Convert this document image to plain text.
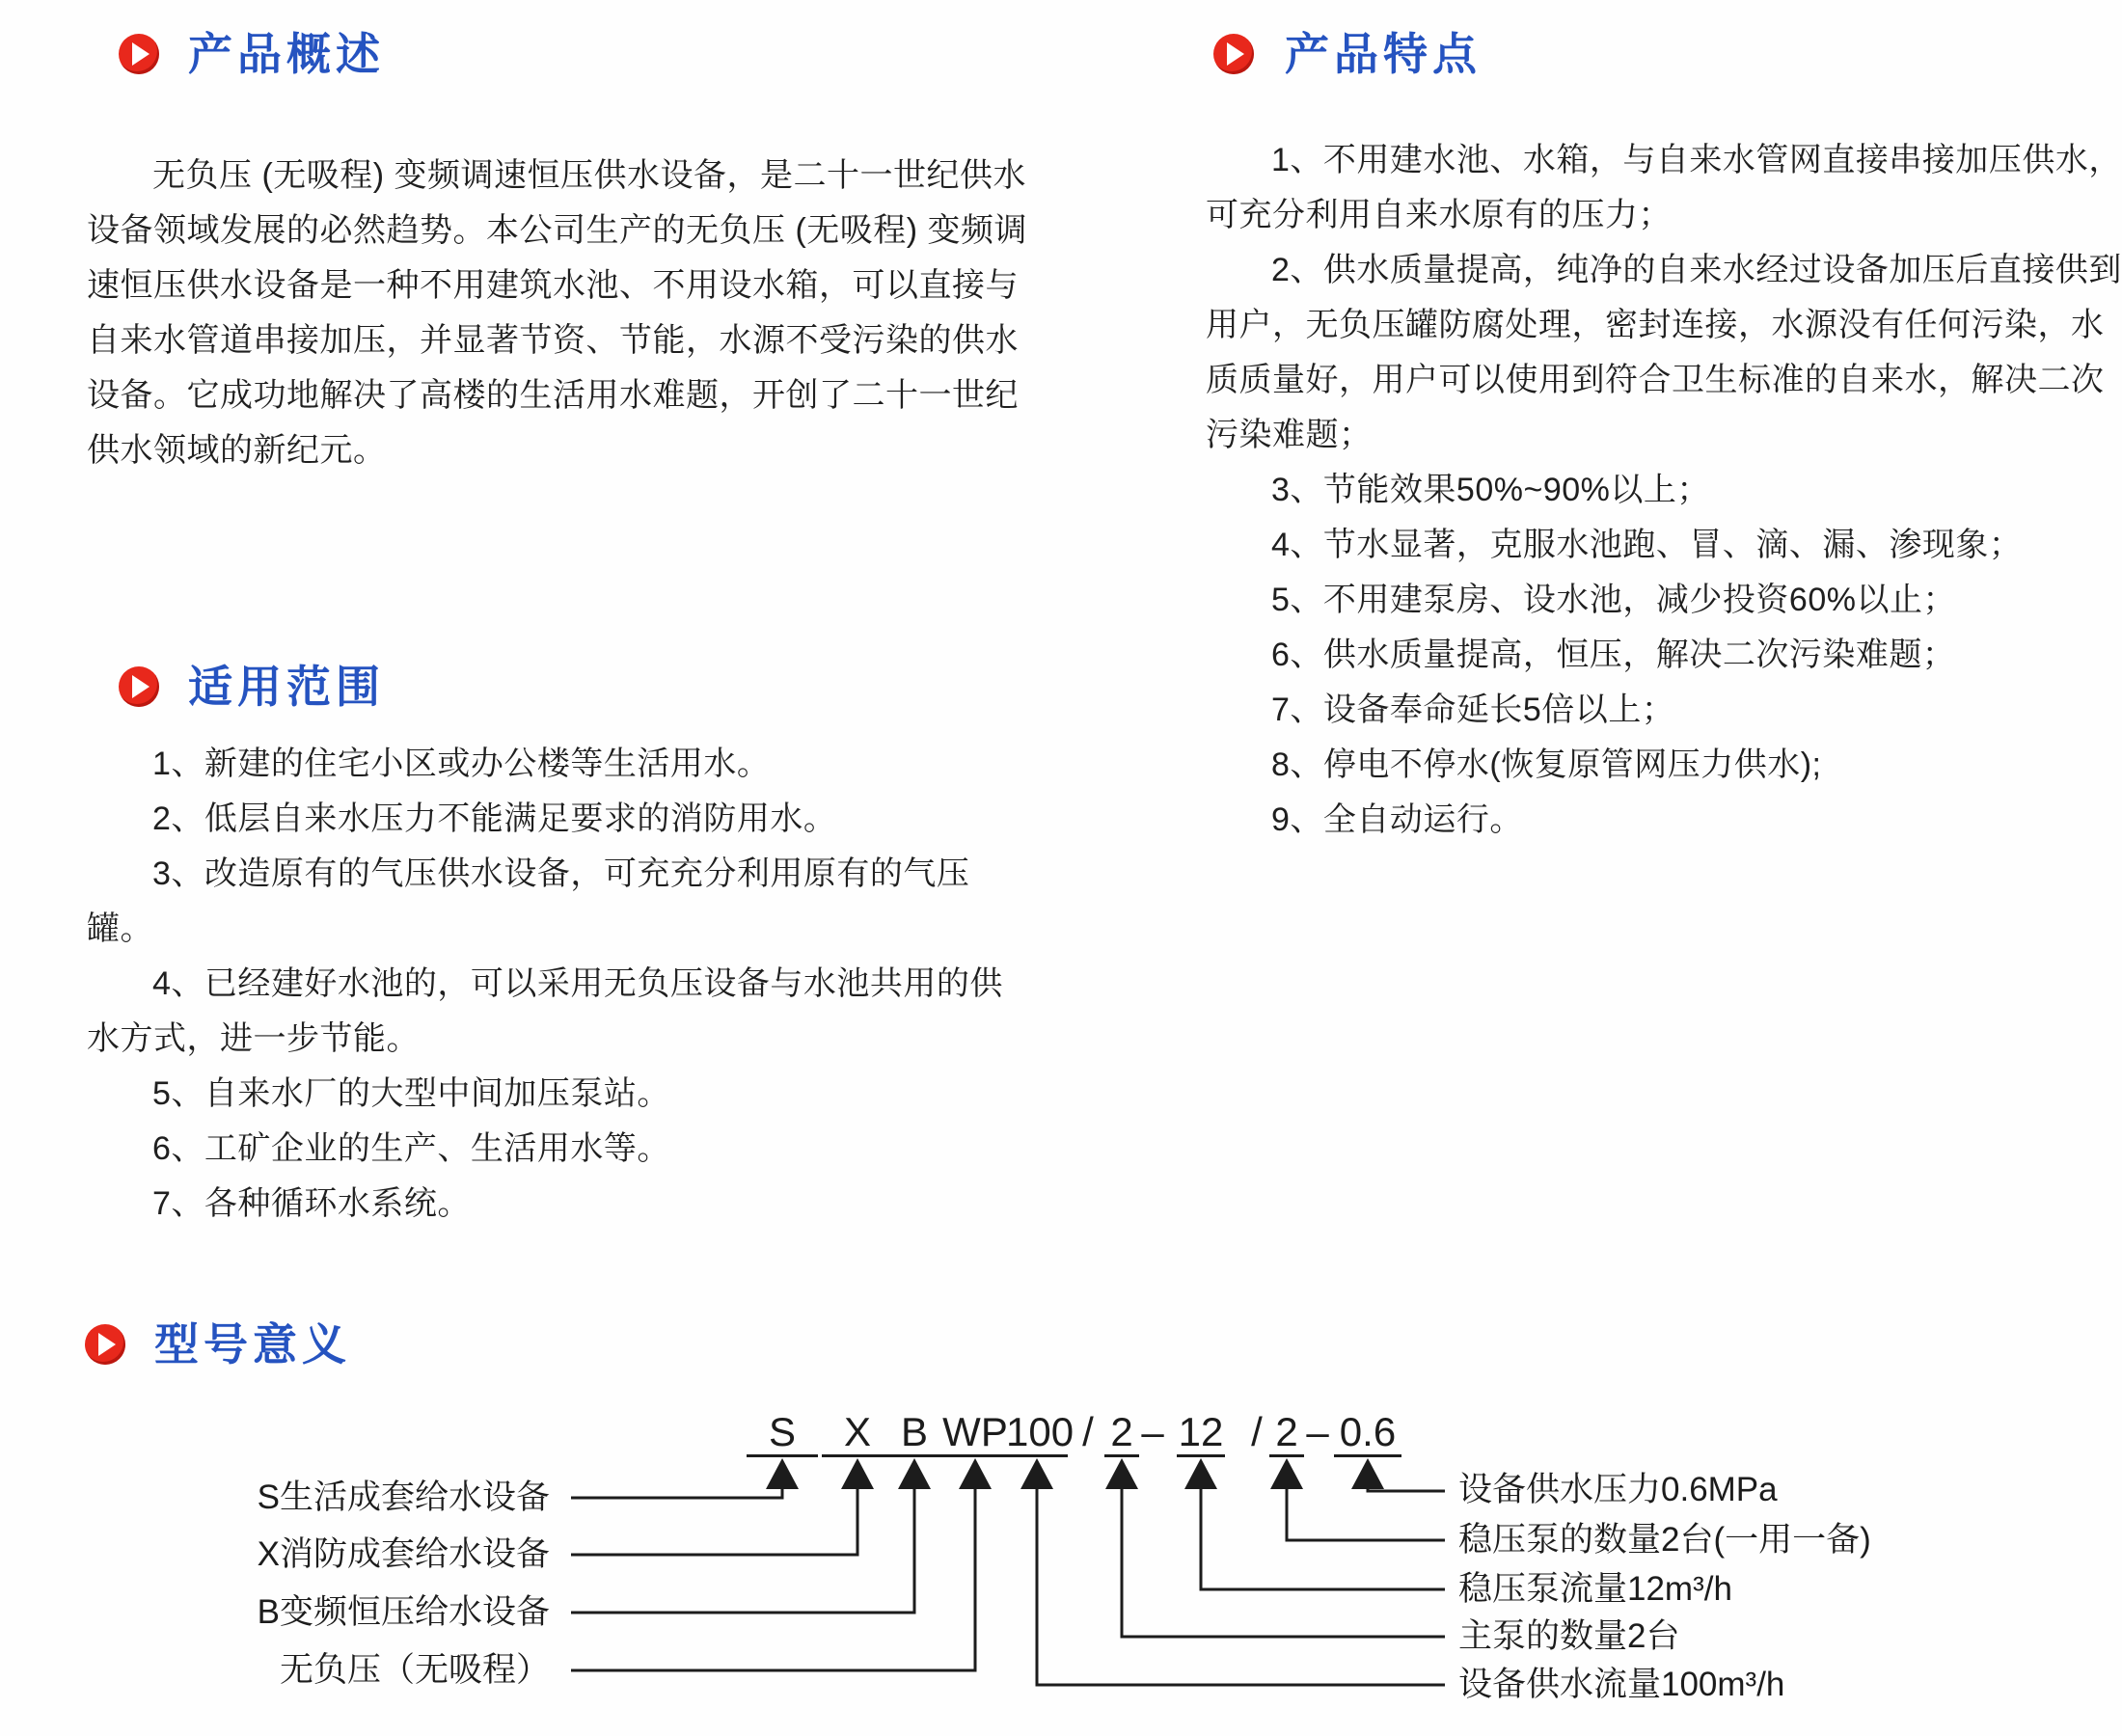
产品概述

无负压 (无吸程) 变频调速恒压供水设备，是二十一世纪供水设备领域发展的必然趋势。本公司生产的无负压 (无吸程) 变频调速恒压供水设备是一种不用建筑水池、不用设水箱，可以直接与自来水管道串接加压，并显著节资、节能，水源不受污染的供水设备。它成功地解决了高楼的生活用水难题，开创了二十一世纪供水领域的新纪元。

适用范围

1、新建的住宅小区或办公楼等生活用水。

2、低层自来水压力不能满足要求的消防用水。

3、改造原有的气压供水设备，可充充分利用原有的气压罐。

4、已经建好水池的，可以采用无负压设备与水池共用的供水方式，进一步节能。

5、自来水厂的大型中间加压泵站。

6、工矿企业的生产、生活用水等。

7、各种循环水系统。

产品特点

1、不用建水池、水箱，与自来水管网直接串接加压供水，可充分利用自来水原有的压力；

2、供水质量提高，纯净的自来水经过设备加压后直接供到用户，无负压罐防腐处理，密封连接，水源没有任何污染，水质质量好，用户可以使用到符合卫生标准的自来水，解决二次污染难题；

3、节能效果50%~90%以上；

4、节水显著，克服水池跑、冒、滴、漏、渗现象；

5、不用建泵房、设水池，减少投资60%以止；

6、供水质量提高，恒压，解决二次污染难题；

7、设备奉命延长5倍以上；

8、停电不停水(恢复原管网压力供水);

9、全自动运行。

型号意义
S	X B WP
100 / 2 – 12 / 2 – 0.6
S生活成套给水设备
X消防成套给水设备
B变频恒压给水设备
无负压（无吸程）
设备供水压力0.6MPa
稳压泵的数量2台(一用一备)
稳压泵流量12m³/h
主泵的数量2台
设备供水流量100m³/h
